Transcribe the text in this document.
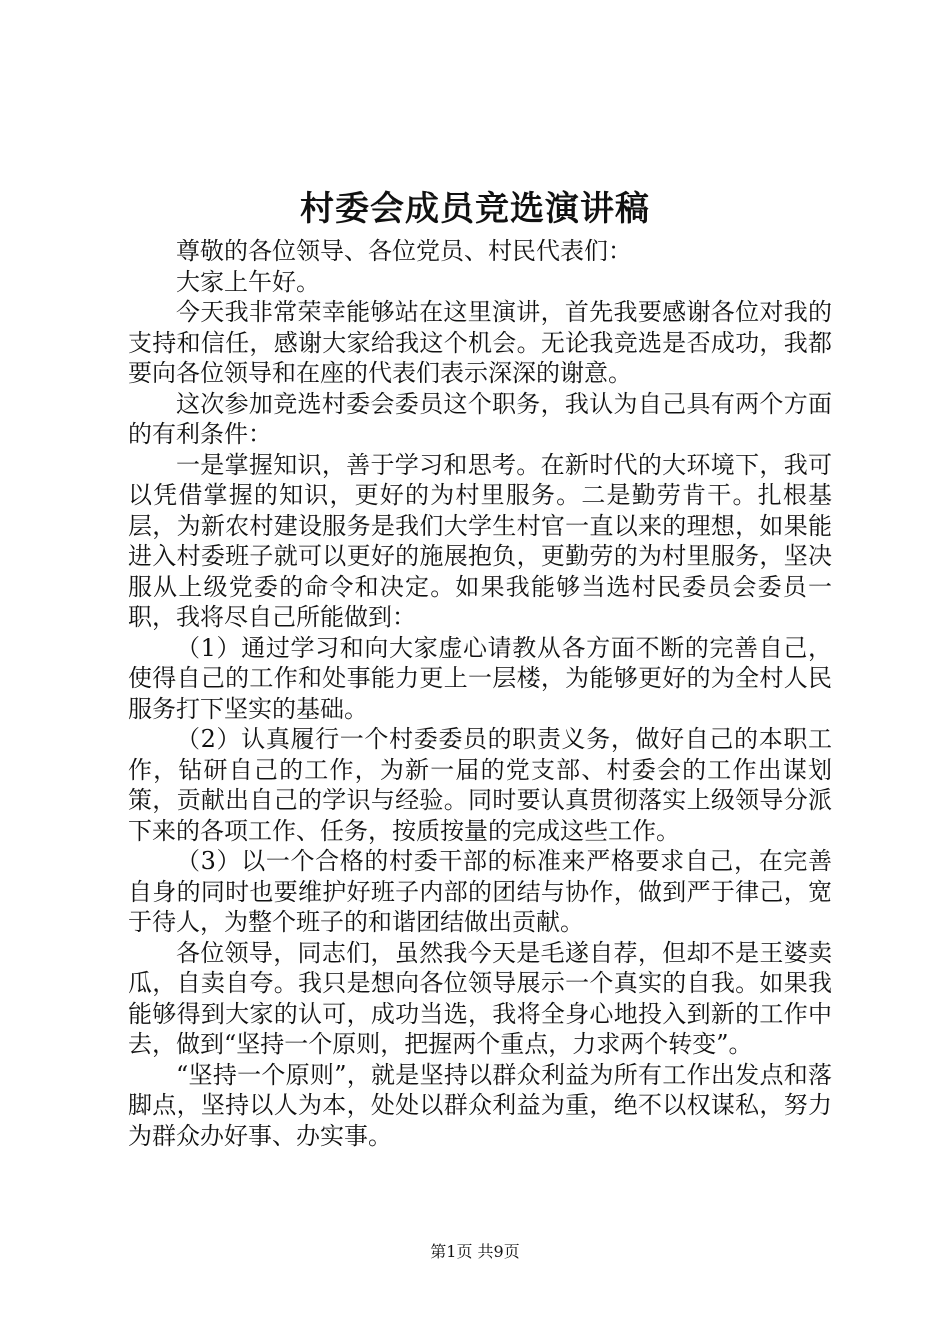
村委会成员竞选演讲稿

尊敬的各位领导、各位党员、村民代表们：

大家上午好。

今天我非常荣幸能够站在这里演讲，首先我要感谢各位对我的支持和信任，感谢大家给我这个机会。无论我竞选是否成功，我都要向各位领导和在座的代表们表示深深的谢意。

这次参加竞选村委会委员这个职务，我认为自己具有两个方面的有利条件：

一是掌握知识，善于学习和思考。在新时代的大环境下，我可以凭借掌握的知识，更好的为村里服务。二是勤劳肯干。扎根基层，为新农村建设服务是我们大学生村官一直以来的理想，如果能进入村委班子就可以更好的施展抱负，更勤劳的为村里服务，坚决服从上级党委的命令和决定。如果我能够当选村民委员会委员一职，我将尽自己所能做到：

（1）通过学习和向大家虚心请教从各方面不断的完善自己，使得自己的工作和处事能力更上一层楼，为能够更好的为全村人民服务打下坚实的基础。

（2）认真履行一个村委委员的职责义务，做好自己的本职工作，钻研自己的工作，为新一届的党支部、村委会的工作出谋划策，贡献出自己的学识与经验。同时要认真贯彻落实上级领导分派下来的各项工作、任务，按质按量的完成这些工作。

（3）以一个合格的村委干部的标准来严格要求自己，在完善自身的同时也要维护好班子内部的团结与协作，做到严于律己，宽于待人，为整个班子的和谐团结做出贡献。

各位领导，同志们，虽然我今天是毛遂自荐，但却不是王婆卖瓜，自卖自夸。我只是想向各位领导展示一个真实的自我。如果我能够得到大家的认可，成功当选，我将全身心地投入到新的工作中去，做到“坚持一个原则，把握两个重点，力求两个转变”。

“坚持一个原则”，就是坚持以群众利益为所有工作出发点和落脚点，坚持以人为本，处处以群众利益为重，绝不以权谋私，努力为群众办好事、办实事。

第1页 共9页
